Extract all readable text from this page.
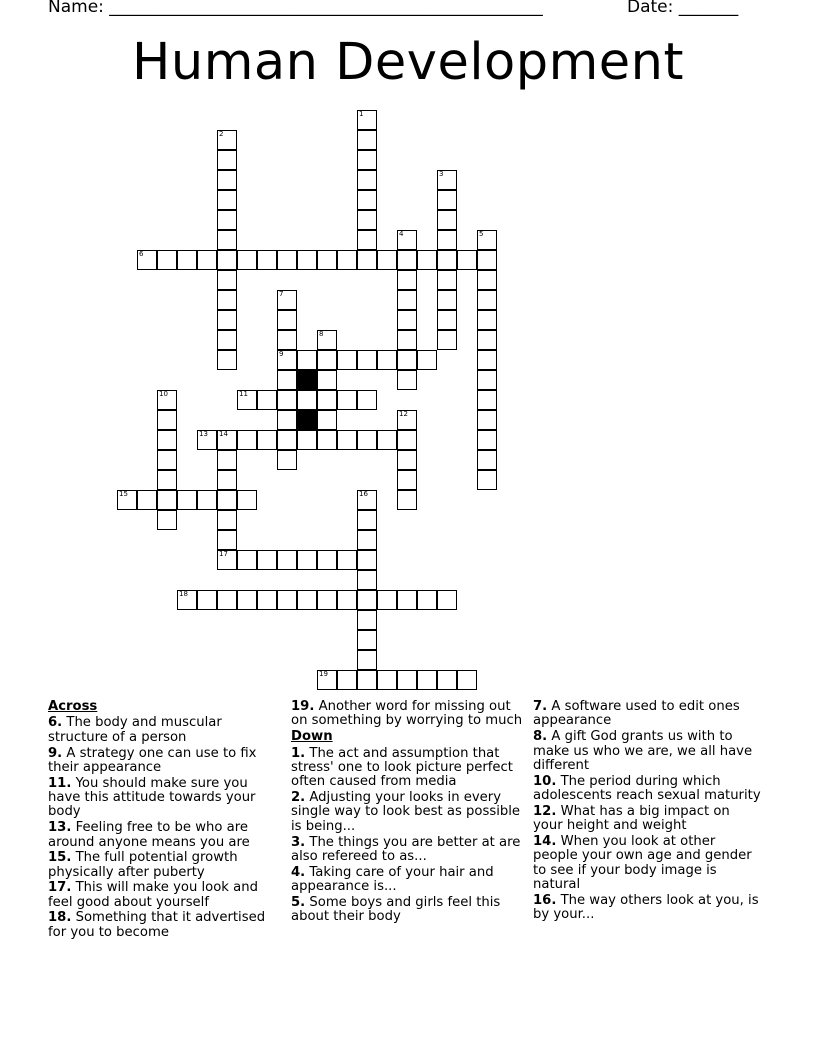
Name: ___________________________________________________	Date: _______
Human Development
1
2
3
4	5
6
7
8
9
11
10
12
13 14
15	16
17
18
19
Across
6. The body and muscular structure of a person
9. A strategy one can use to fix their appearance
11. You should make sure you have this attitude towards your body
13. Feeling free to be who are around anyone means you are
15. The full potential growth physically after puberty
17. This will make you look and feel good about yourself
18. Something that it advertised for you to become
19. Another word for missing out on something by worrying to much
Down
1. The act and assumption that stress' one to look picture perfect often caused from media
2. Adjusting your looks in every single way to look best as possible is being...
3. The things you are better at are also refereed to as...
4. Taking care of your hair and appearance is...
5. Some boys and girls feel this about their body
7. A software used to edit ones appearance
8. A gift God grants us with to make us who we are, we all have different
10. The period during which adolescents reach sexual maturity
12. What has a big impact on your height and weight
14. When you look at other people your own age and gender to see if your body image is natural
16. The way others look at you, is by your...
